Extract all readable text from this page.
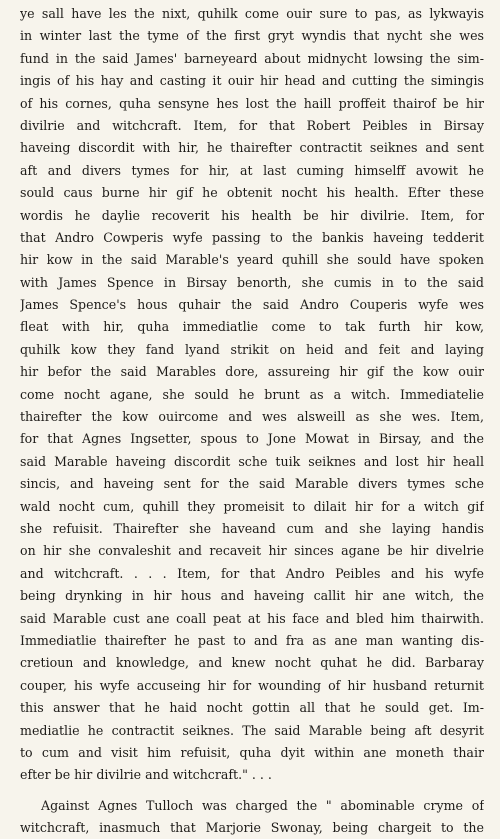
ye sall have les the nixt, quhilk come ouir sure to pas, as lykwayis
in winter last the tyme of the first gryt wyndis that nycht she wes
fund in the said James' barneyeard about midnycht lowsing the sim-
ingis of his hay and casting it ouir hir head and cutting the simingis
of his cornes, quha sensyne hes lost the haill proffeit thairof be hir
divilrie and witchcraft. Item, for that Robert Peibles in Birsay
haveing discordit with hir, he thairefter contractit seiknes and sent
aft and divers tymes for hir, at last cuming himselff avowit he
sould caus burne hir gif he obtenit nocht his health. Efter these
wordis he daylie recoverit his health be hir divilrie. Item, for
that Andro Cowperis wyfe passing to the bankis haveing tedderit
hir kow in the said Marable's yeard quhill she sould have spoken
with James Spence in Birsay benorth, she cumis in to the said
James Spence's hous quhair the said Andro Couperis wyfe wes
fleat with hir, quha immediatlie come to tak furth hir kow,
quhilk kow they fand lyand strikit on heid and feit and laying
hir befor the said Marables dore, assureing hir gif the kow ouir
come nocht agane, she sould he brunt as a witch. Immediatelie
thairefter the kow ouircome and wes alsweill as she wes. Item,
for that Agnes Ingsetter, spous to Jone Mowat in Birsay, and the
said Marable haveing discordit sche tuik seiknes and lost hir heall
sincis, and haveing sent for the said Marable divers tymes sche
wald nocht cum, quhill they promeisit to dilait hir for a witch gif
she refuisit. Thairefter she haveand cum and she laying handis
on hir she convaleshit and recaveit hir sinces agane be hir divelrie
and witchcraft. . . . Item, for that Andro Peibles and his wyfe
being drynking in hir hous and haveing callit hir ane witch, the
said Marable cust ane coall peat at his face and bled him thairwith.
Immediatlie thairefter he past to and fra as ane man wanting dis-
cretioun and knowledge, and knew nocht quhat he did. Barbaray
couper, his wyfe accuseing hir for wounding of hir husband returnit
this answer that he haid nocht gottin all that he sould get. Im-
mediatlie he contractit seiknes. The said Marable being aft desyrit
to cum and visit him refuisit, quha dyit within ane moneth thair
efter be hir divilrie and witchcraft." . . .
Against Agnes Tulloch was charged the " abominable cryme of
witchcraft, inasmuch that Marjorie Swonay, being chargeit to the
